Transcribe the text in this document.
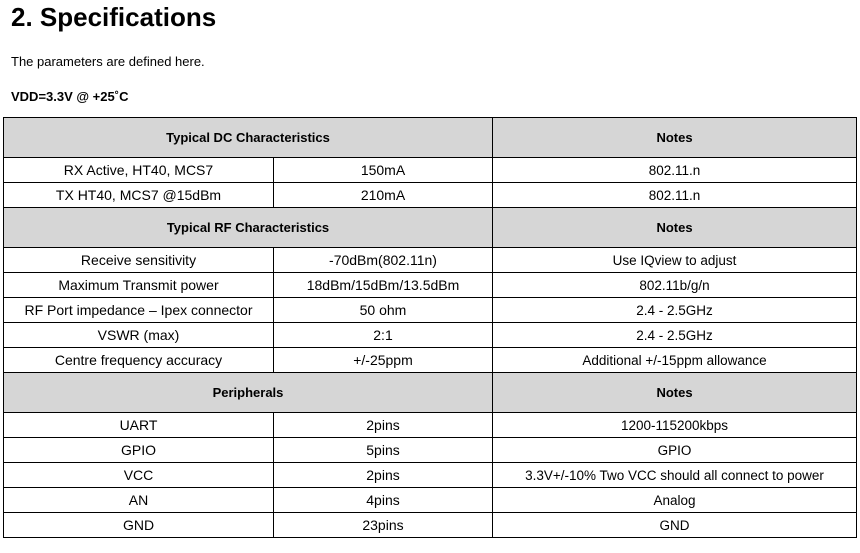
2. Specifications
The parameters are defined here.
VDD=3.3V @ +25˚C
Typical DC Characteristics		Notes
RX Active, HT40, MCS7	150mA	802.11.n
TX HT40, MCS7 @15dBm	210mA	802.11.n
Typical RF Characteristics		Notes
Receive sensitivity	-70dBm(802.11n)	Use IQview to adjust
Maximum Transmit power	18dBm/15dBm/13.5dBm	802.11b/g/n
RF Port impedance – Ipex connector	50 ohm	2.4 - 2.5GHz
VSWR (max)	2:1	2.4 - 2.5GHz
Centre frequency accuracy	+/-25ppm	Additional +/-15ppm allowance
Peripherals		Notes
UART	2pins	1200-115200kbps
GPIO	5pins	GPIO
VCC	2pins	3.3V+/-10% Two VCC should all connect to power
AN	4pins	Analog
GND	23pins	GND
